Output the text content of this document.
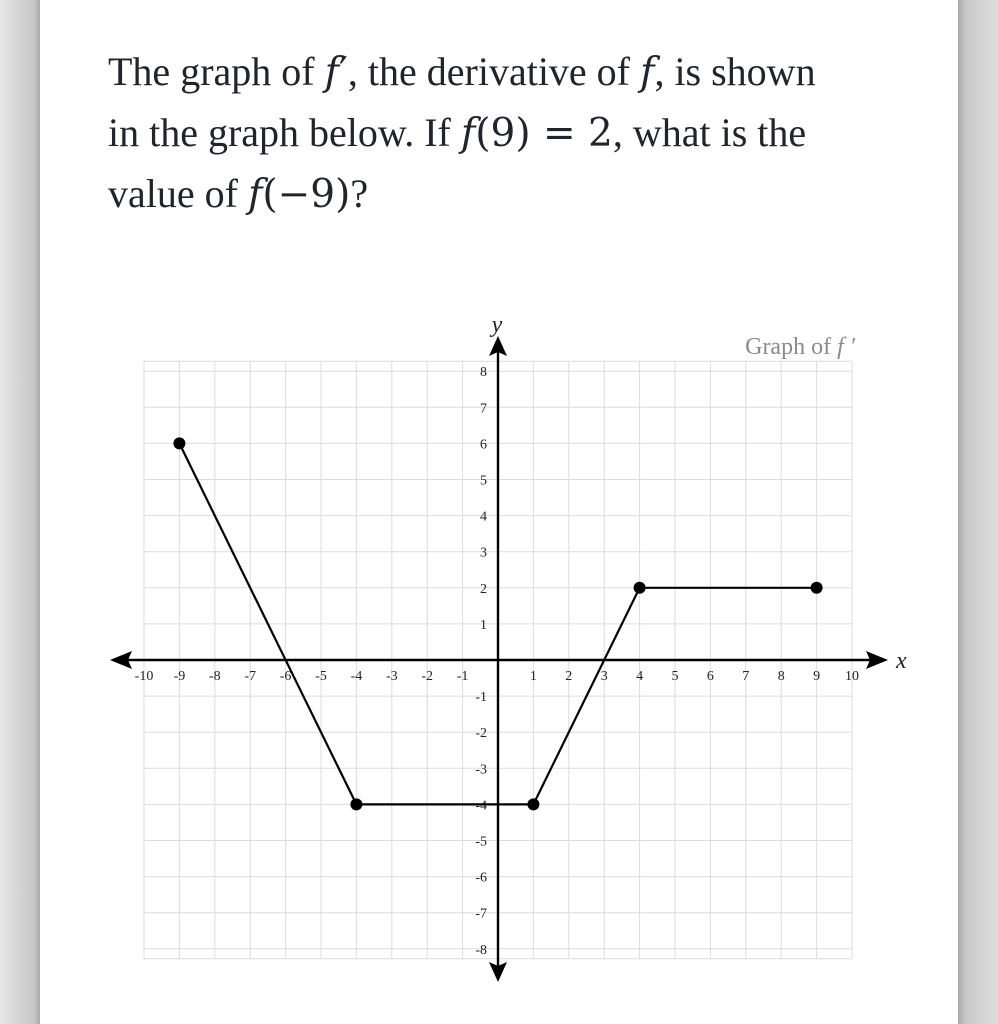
The graph of f′, the derivative of f, is shown in the graph below. If f(9) = 2, what is the value of f(−9)?

-10 -9 -8 -7 -6 -5 -4 -3 -2 -1	1 2 3 4 5 6 7 8 9 10
8
7
6
5
4
3
2
1
-1
-2
-3
-4
-5
-6
-7
-8
Graph of f ′
x
y
